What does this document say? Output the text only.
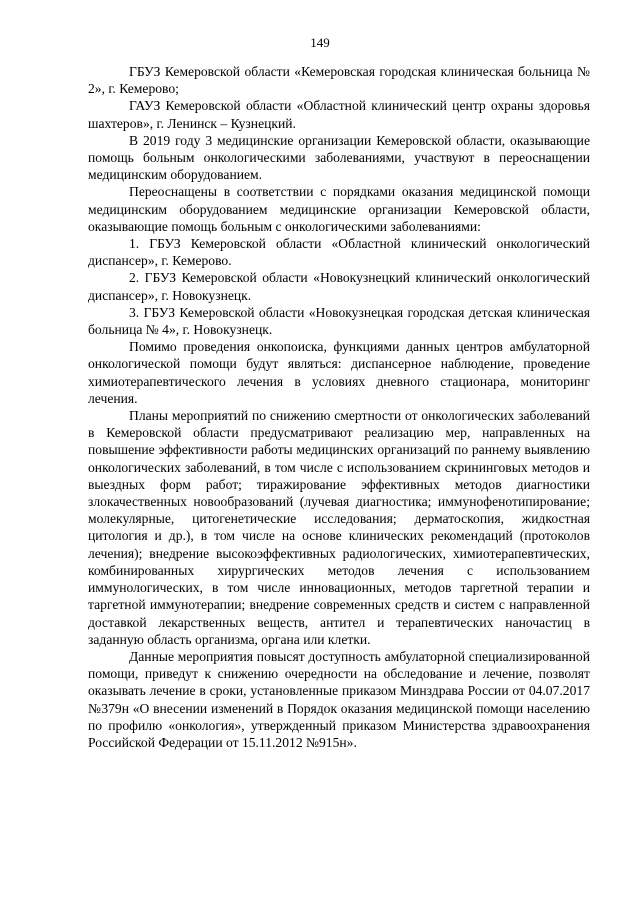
149

ГБУЗ Кемеровской области «Кемеровская городская клиническая больница № 2», г. Кемерово;

ГАУЗ Кемеровской области «Областной клинический центр охраны здоровья шахтеров», г. Ленинск – Кузнецкий.

В 2019 году 3 медицинские организации Кемеровской области, оказывающие помощь больным онкологическими заболеваниями, участвуют в переоснащении медицинским оборудованием.

Переоснащены в соответствии с порядками оказания медицинской помощи медицинским оборудованием медицинские организации Кемеровской области, оказывающие помощь больным с онкологическими заболеваниями:

1. ГБУЗ Кемеровской области «Областной клинический онкологический диспансер», г. Кемерово.

2. ГБУЗ Кемеровской области «Новокузнецкий клинический онкологический диспансер», г. Новокузнецк.

3. ГБУЗ Кемеровской области «Новокузнецкая городская детская клиническая больница № 4», г. Новокузнецк.

Помимо проведения онкопоиска, функциями данных центров амбулаторной онкологической помощи будут являться: диспансерное наблюдение, проведение химиотерапевтического лечения в условиях дневного стационара, мониторинг лечения.

Планы мероприятий по снижению смертности от онкологических заболеваний в Кемеровской области предусматривают реализацию мер, направленных на повышение эффективности работы медицинских организаций по раннему выявлению онкологических заболеваний, в том числе с использованием скрининговых методов и выездных форм работ; тиражирование эффективных методов диагностики злокачественных новообразований (лучевая диагностика; иммунофенотипирование; молекулярные, цитогенетические исследования; дерматоскопия, жидкостная цитология и др.), в том числе на основе клинических рекомендаций (протоколов лечения); внедрение высокоэффективных радиологических, химиотерапевтических, комбинированных хирургических методов лечения с использованием иммунологических, в том числе инновационных, методов таргетной терапии и таргетной иммунотерапии; внедрение современных средств и систем с направленной доставкой лекарственных веществ, антител и терапевтических наночастиц в заданную область организма, органа или клетки.

Данные мероприятия повысят доступность амбулаторной специализированной помощи, приведут к снижению очередности на обследование и лечение, позволят оказывать лечение в сроки, установленные приказом Минздрава России от 04.07.2017 №379н «О внесении изменений в Порядок оказания медицинской помощи населению по профилю «онкология», утвержденный приказом Министерства здравоохранения Российской Федерации от 15.11.2012 №915н».
